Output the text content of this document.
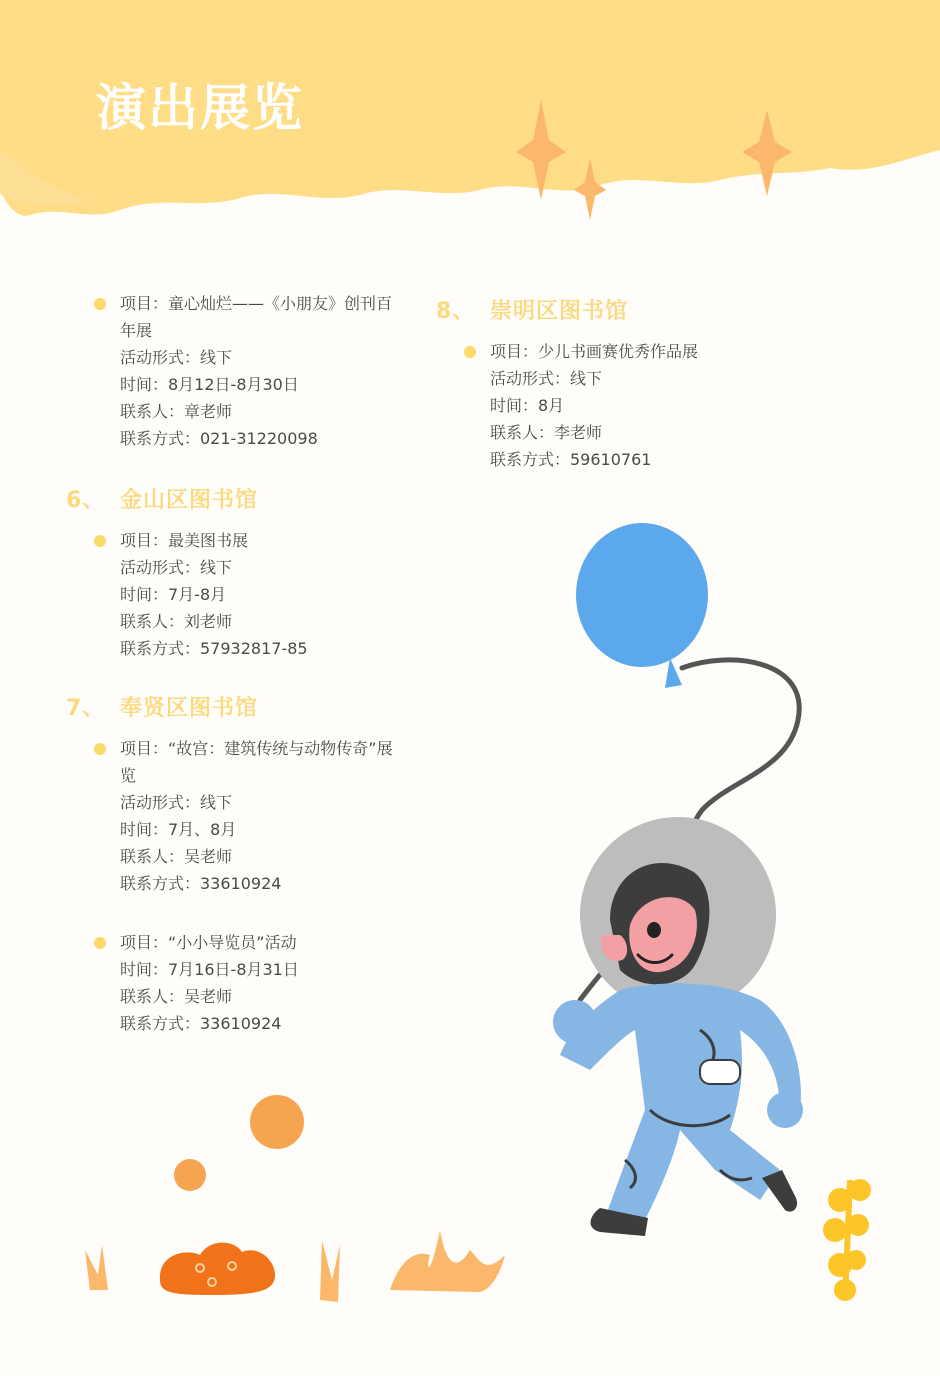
演出展览
项目：童心灿烂——《小朋友》创刊百
年展
活动形式：线下
时间：8月12日-8月30日
联系人：章老师
联系方式：021-31220098
6、 金山区图书馆
项目：最美图书展
活动形式：线下
时间：7月-8月
联系人：刘老师
联系方式：57932817-85
7、 奉贤区图书馆
项目：“故宫：建筑传统与动物传奇”展
览
活动形式：线下
时间：7月、8月
联系人：吴老师
联系方式：33610924
项目：“小小导览员”活动
时间：7月16日-8月31日
联系人：吴老师
联系方式：33610924
8、 崇明区图书馆
项目：少儿书画赛优秀作品展
活动形式：线下
时间：8月
联系人：李老师
联系方式：59610761
